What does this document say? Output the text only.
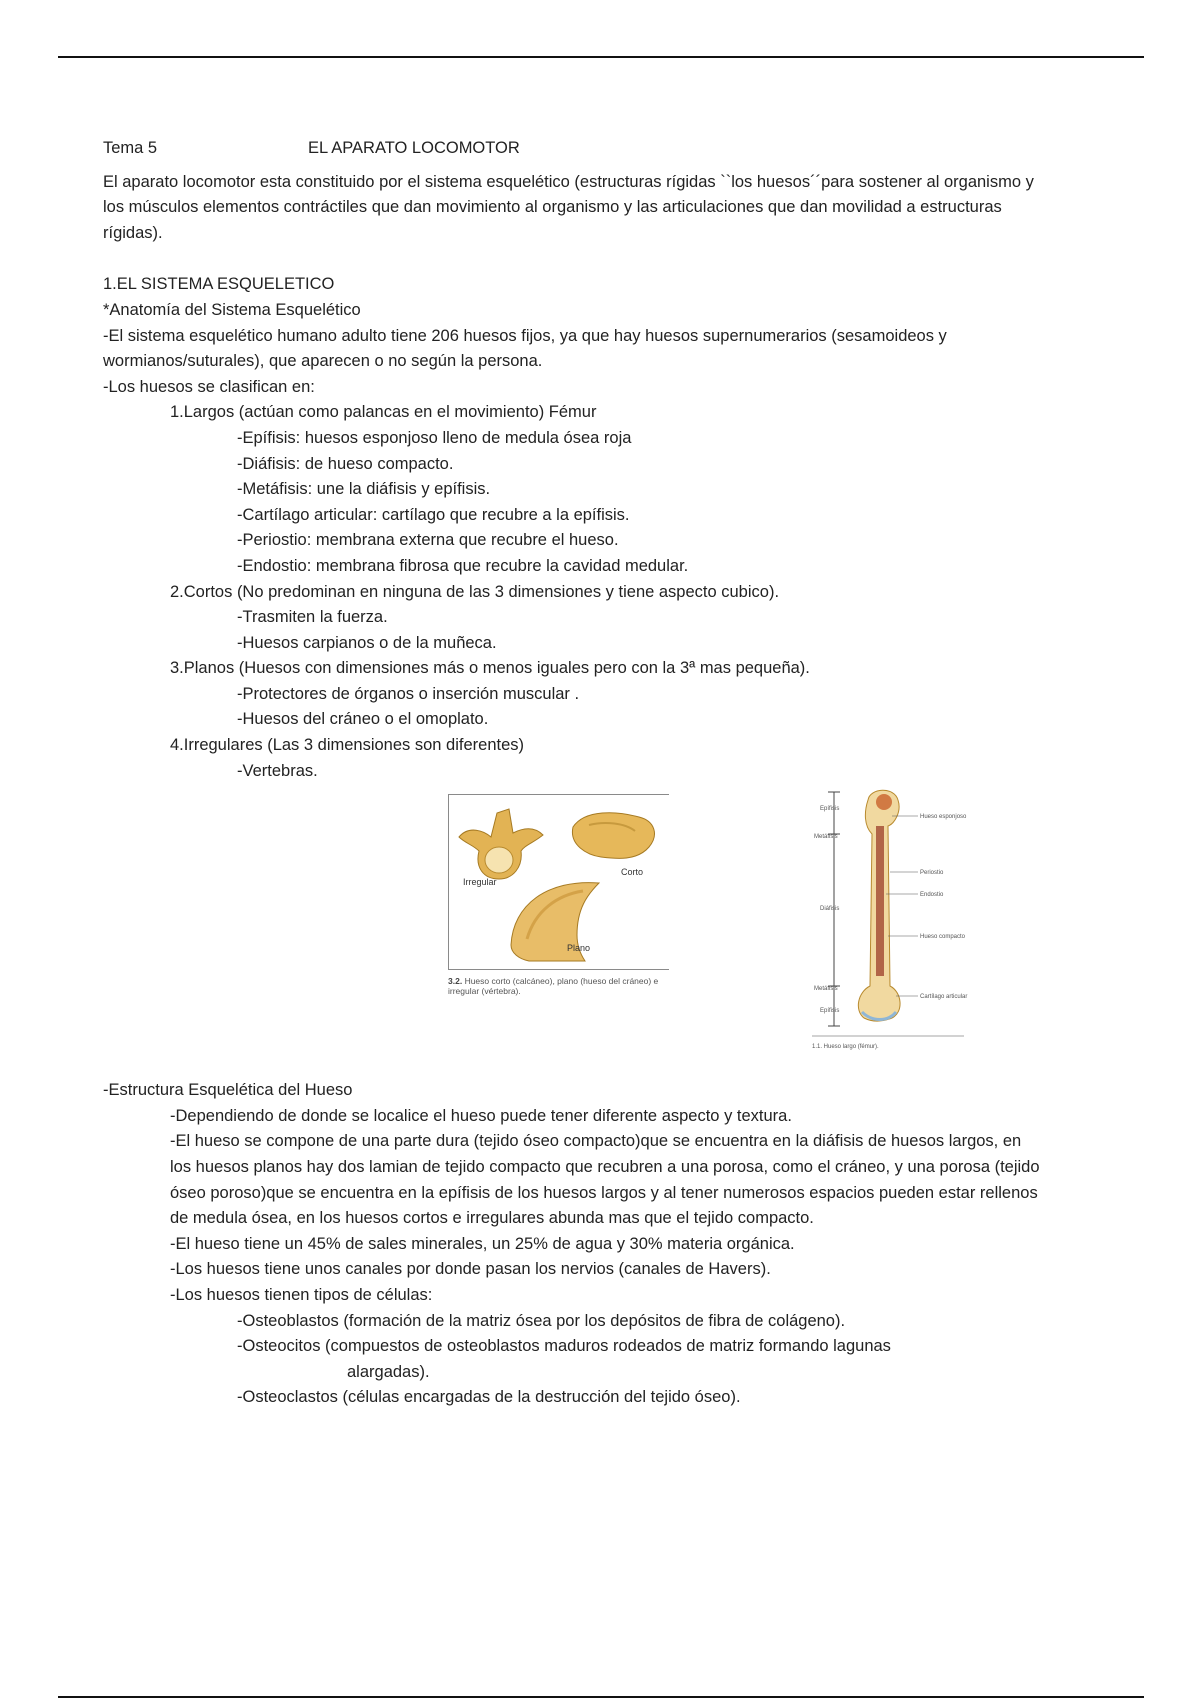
Tema 5	EL APARATO LOCOMOTOR

El aparato locomotor esta constituido por el sistema esquelético (estructuras rígidas ``los huesos´´para sostener al organismo y los músculos elementos contráctiles que dan movimiento al organismo y las articulaciones que dan movilidad a estructuras rígidas).

1.EL SISTEMA ESQUELETICO

*Anatomía del Sistema Esquelético

-El sistema esquelético humano adulto tiene 206 huesos fijos, ya que hay huesos supernumerarios (sesamoideos y wormianos/suturales), que aparecen o no según la persona.

-Los huesos se clasifican en:

1.Largos (actúan como palancas en el movimiento) Fémur

-Epífisis: huesos esponjoso lleno de medula ósea roja

-Diáfisis: de hueso compacto.

-Metáfisis: une la diáfisis y epífisis.

-Cartílago articular: cartílago que recubre a la epífisis.

-Periostio: membrana externa que recubre el hueso.

-Endostio: membrana fibrosa que recubre la cavidad medular.

2.Cortos (No predominan en ninguna de las 3 dimensiones y tiene aspecto cubico).

-Trasmiten la fuerza.

-Huesos carpianos o de la muñeca.

3.Planos (Huesos con dimensiones más o menos iguales pero con la 3ª mas pequeña).

-Protectores de órganos o inserción muscular .

-Huesos del cráneo o el omoplato.

4.Irregulares (Las 3 dimensiones son diferentes)

-Vertebras.

Irregular
Corto
Plano
3.2. Hueso corto (calcáneo), plano (hueso del cráneo) e irregular (vértebra).
Epífisis
Metáfisis
Diáfisis
Metáfisis
Epífisis
Hueso esponjoso
Periostio
Endostio
Hueso compacto
Cartílago articular
1.1. Hueso largo (fémur).

-Estructura Esquelética del Hueso

-Dependiendo de donde se localice el hueso puede tener diferente aspecto y textura.

-El hueso se compone de una parte dura (tejido óseo compacto)que se encuentra en la diáfisis de huesos largos, en los huesos planos hay dos lamian de tejido compacto que recubren a una porosa, como el cráneo, y una porosa (tejido óseo poroso)que se encuentra en la epífisis de los huesos largos y al tener numerosos espacios pueden estar rellenos de medula ósea, en los huesos cortos e irregulares abunda mas que el tejido compacto.

-El hueso tiene un 45% de sales minerales, un 25% de agua y 30% materia orgánica.

-Los huesos tiene unos canales por donde pasan los nervios (canales de Havers).

-Los huesos tienen tipos de células:

-Osteoblastos (formación de la matriz ósea por los depósitos de fibra de colágeno).

-Osteocitos (compuestos de osteoblastos maduros rodeados de matriz formando lagunas

alargadas).

-Osteoclastos (células encargadas de la destrucción del tejido óseo).
